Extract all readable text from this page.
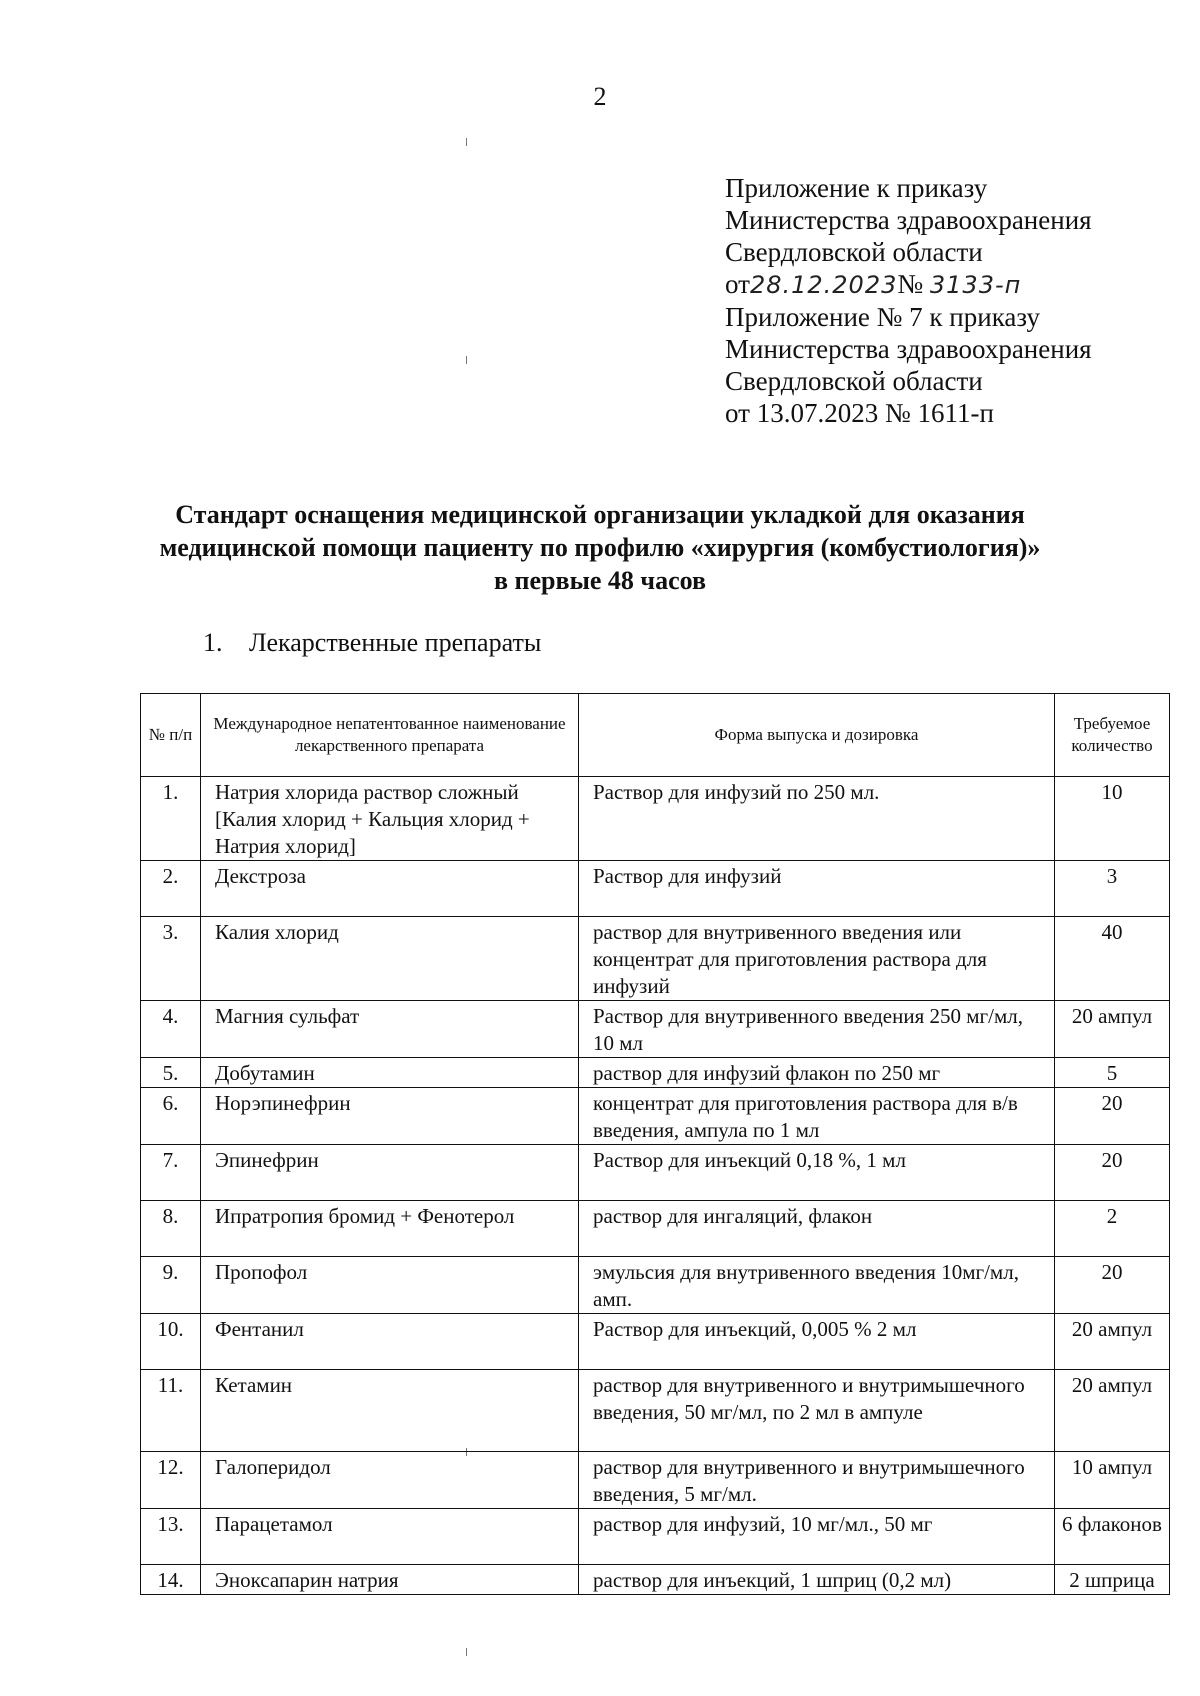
2
Приложение к приказу
Министерства здравоохранения
Свердловской области
от28.12.2023№ 3133-п
Приложение № 7 к приказу
Министерства здравоохранения
Свердловской области
от 13.07.2023 № 1611-п
Стандарт оснащения медицинской организации укладкой для оказания
медицинской помощи пациенту по профилю «хирургия (комбустиология)»
в первые 48 часов
1. Лекарственные препараты
№ п/п	Международное непатентованное наименование лекарственного препарата	Форма выпуска и дозировка	Требуемое количество
1.	Натрия хлорида раствор сложный [Калия хлорид + Кальция хлорид + Натрия хлорид]	Раствор для инфузий по 250 мл.	10
2.	Декстроза	Раствор для инфузий	3
3.	Калия хлорид	раствор для внутривенного введения или концентрат для приготовления раствора для инфузий	40
4.	Магния сульфат	Раствор для внутривенного введения 250 мг/мл, 10 мл	20 ампул
5.	Добутамин	раствор для инфузий флакон по 250 мг	5
6.	Норэпинефрин	концентрат для приготовления раствора для в/в введения, ампула по 1 мл	20
7.	Эпинефрин	Раствор для инъекций 0,18 %, 1 мл	20
8.	Ипратропия бромид + Фенотерол	раствор для ингаляций, флакон	2
9.	Пропофол	эмульсия для внутривенного введения 10мг/мл, амп.	20
10.	Фентанил	Раствор для инъекций, 0,005 % 2 мл	20 ампул
11.	Кетамин	раствор для внутривенного и внутримышечного введения, 50 мг/мл, по 2 мл в ампуле	20 ампул
12.	Галоперидол	раствор для внутривенного и внутримышечного введения, 5 мг/мл.	10 ампул
13.	Парацетамол	раствор для инфузий, 10 мг/мл., 50 мг	6 флаконов
14.	Эноксапарин натрия	раствор для инъекций, 1 шприц (0,2 мл)	2 шприца
